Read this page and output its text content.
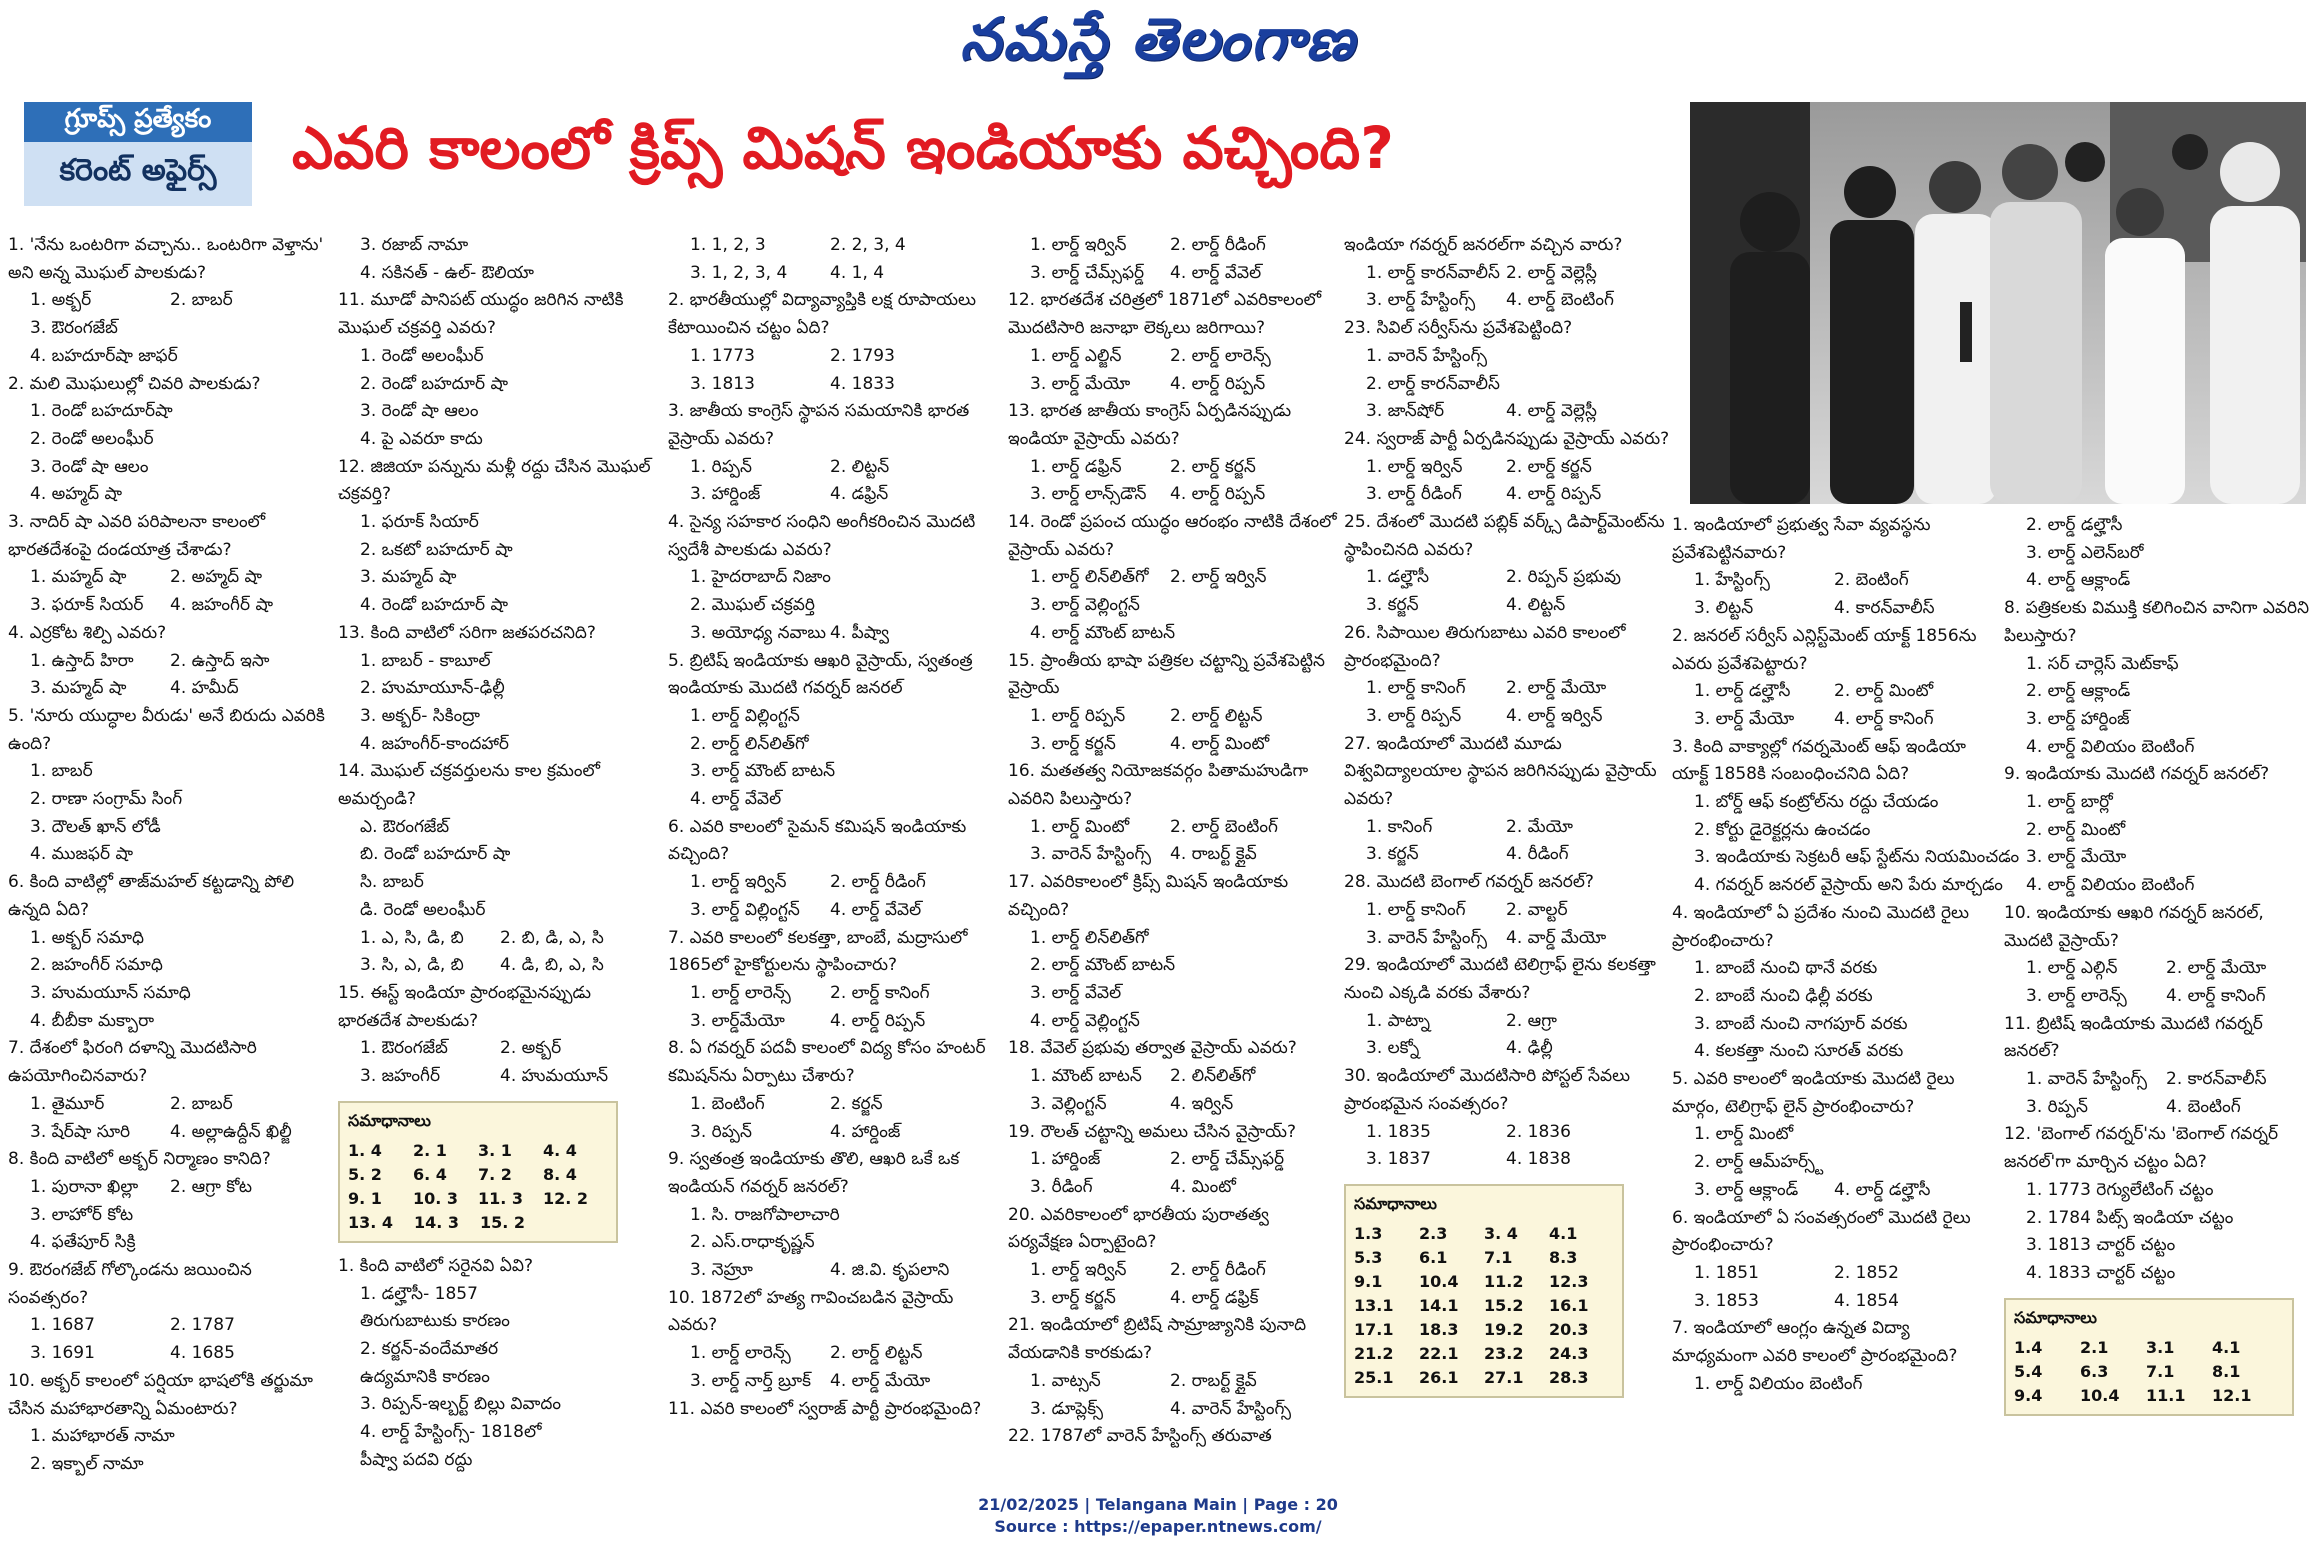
నమస్తే తెలంగాణ
గ్రూప్స్ ప్రత్యేకం
కరెంట్ అఫైర్స్	ఎవరి కాలంలో క్రిప్స్ మిషన్ ఇండియాకు వచ్చింది?
1. 'నేను ఒంటరిగా వచ్చాను.. ఒంటరిగా వెళ్తాను' అని అన్న మొఘల్ పాలకుడు?
1. అక్బర్	2. బాబర్
3. ఔరంగజేబ్
4. బహదూర్‌షా జాఫర్
2. మలి మొఘలుల్లో చివరి పాలకుడు?
1. రెండో బహదూర్‌షా
2. రెండో అలంఘీర్
3. రెండో షా ఆలం
4. అహ్మద్ షా
3. నాదిర్ షా ఎవరి పరిపాలనా కాలంలో భారతదేశంపై దండయాత్ర చేశాడు?
1. మహ్మద్ షా	2. అహ్మద్ షా
3. ఫరూక్ సియర్	4. జహంగీర్ షా
4. ఎర్రకోట శిల్పి ఎవరు?
1. ఉస్తాద్ హిరా	2. ఉస్తాద్ ఇసా
3. మహ్మద్ షా	4. హమీద్
5. 'నూరు యుద్ధాల వీరుడు' అనే బిరుదు ఎవరికి ఉంది?
1. బాబర్
2. రాణా సంగ్రామ్ సింగ్
3. దౌలత్ ఖాన్ లోడీ
4. ముజఫర్ షా
6. కింది వాటిల్లో తాజ్‌మహల్ కట్టడాన్ని పోలి ఉన్నది ఏది?
1. అక్బర్ సమాధి
2. జహంగీర్ సమాధి
3. హుమయూన్ సమాధి
4. బీబీకా మక్బారా
7. దేశంలో ఫిరంగి దళాన్ని మొదటిసారి ఉపయోగించినవారు?
1. తైమూర్	2. బాబర్
3. షేర్‌షా సూరి	4. అల్లాఉద్దీన్ ఖిల్జీ
8. కింది వాటిలో అక్బర్ నిర్మాణం కానిది?
1. పురానా ఖిల్లా	2. ఆగ్రా కోట
3. లాహోర్ కోట
4. ఫతేపూర్ సిక్రి
9. ఔరంగజేబ్ గోల్కొండను జయించిన సంవత్సరం?
1. 1687	2. 1787
3. 1691	4. 1685
10. అక్బర్ కాలంలో పర్షియా భాషలోకి తర్జుమా చేసిన మహాభారతాన్ని ఏమంటారు?
1. మహాభారత్ నామా
2. ఇక్బాల్ నామా
3. రజాబ్ నామా
4. సకినత్ - ఉల్- ఔలియా
11. మూడో పానిపట్ యుద్ధం జరిగిన నాటికి మొఘల్ చక్రవర్తి ఎవరు?
1. రెండో అలంఘీర్
2. రెండో బహదూర్ షా
3. రెండో షా ఆలం
4. పై ఎవరూ కాదు
12. జిజియా పన్నును మళ్లీ రద్దు చేసిన మొఘల్ చక్రవర్తి?
1. ఫరూక్ సియార్
2. ఒకటో బహదూర్ షా
3. మహ్మద్ షా
4. రెండో బహదూర్ షా
13. కింది వాటిలో సరిగా జతపరచనిది?
1. బాబర్ - కాబూల్
2. హుమాయూన్-ఢిల్లీ
3. అక్బర్- సికింద్రా
4. జహంగీర్-కాందహార్
14. మొఘల్ చక్రవర్తులను కాల క్రమంలో అమర్చండి?
ఎ. ఔరంగజేబ్
బి. రెండో బహదూర్ షా
సి. బాబర్
డి. రెండో అలంఘీర్
1. ఎ, సి, డి, బి	2. బి, డి, ఎ, సి
3. సి, ఎ, డి, బి	4. డి, బి, ఎ, సి
15. ఈస్ట్ ఇండియా ప్రారంభమైనప్పుడు భారతదేశ పాలకుడు?
1. ఔరంగజేబ్	2. అక్బర్
3. జహంగీర్	4. హుమయూన్
సమాధానాలు
1. 4	2. 1	3. 1	4. 4
5. 2	6. 4	7. 2	8. 4
9. 1	10. 3	11. 3	12. 2
13. 4	14. 3	15. 2
1. కింది వాటిలో సరైనవి ఏవి?
1. డల్హౌసీ- 1857
తిరుగుబాటుకు కారణం
2. కర్జన్-వందేమాతర
ఉద్యమానికి కారణం
3. రిప్పన్-ఇల్బర్ట్ బిల్లు వివాదం
4. లార్డ్ హేస్టింగ్స్- 1818లో
పీష్వా పదవి రద్దు
1. 1, 2, 3	2. 2, 3, 4
3. 1, 2, 3, 4	4. 1, 4
2. భారతీయుల్లో విద్యావ్యాప్తికి లక్ష రూపాయలు కేటాయించిన చట్టం ఏది?
1. 1773	2. 1793
3. 1813	4. 1833
3. జాతీయ కాంగ్రెస్ స్థాపన సమయానికి భారత వైస్రాయ్ ఎవరు?
1. రిప్పన్	2. లిట్టన్
3. హార్డింజ్	4. డఫ్రిన్
4. సైన్య సహకార సంధిని అంగీకరించిన మొదటి స్వదేశీ పాలకుడు ఎవరు?
1. హైదరాబాద్ నిజాం
2. మొఘల్ చక్రవర్తి
3. అయోధ్య నవాబు 4. పీష్వా
5. బ్రిటిష్ ఇండియాకు ఆఖరి వైస్రాయ్, స్వతంత్ర ఇండియాకు మొదటి గవర్నర్ జనరల్
1. లార్డ్ విల్లింగ్టన్
2. లార్డ్ లిన్‌లిత్‌గో
3. లార్డ్ మౌంట్ బాటన్
4. లార్డ్ వేవెల్
6. ఎవరి కాలంలో సైమన్ కమిషన్ ఇండియాకు వచ్చింది?
1. లార్డ్ ఇర్విన్	2. లార్డ్ రీడింగ్
3. లార్డ్ విల్లింగ్టన్	4. లార్డ్ వేవెల్
7. ఎవరి కాలంలో కలకత్తా, బాంబే, మద్రాసులో 1865లో హైకోర్టులను స్థాపించారు?
1. లార్డ్ లారెన్స్	2. లార్డ్ కానింగ్
3. లార్డ్‌మేయో	4. లార్డ్ రిప్పన్
8. ఏ గవర్నర్ పదవీ కాలంలో విద్య కోసం హంటర్ కమిషన్‌ను ఏర్పాటు చేశారు?
1. బెంటింగ్	2. కర్జన్
3. రిప్పన్	4. హార్డింజ్
9. స్వతంత్ర ఇండియాకు తొలి, ఆఖరి ఒకే ఒక ఇండియన్ గవర్నర్ జనరల్?
1. సి. రాజగోపాలాచారి
2. ఎస్.రాధాకృష్ణన్
3. నెహ్రూ	4. జి.వి. కృపలాని
10. 1872లో హత్య గావించబడిన వైస్రాయ్ ఎవరు?
1. లార్డ్ లారెన్స్	2. లార్డ్ లిట్టన్
3. లార్డ్ నార్త్ బ్రూక్	4. లార్డ్ మేయో
11. ఎవరి కాలంలో స్వరాజ్ పార్టీ ప్రారంభమైంది?
1. లార్డ్ ఇర్విన్	2. లార్డ్ రీడింగ్
3. లార్డ్ చేమ్స్‌ఫర్డ్	4. లార్డ్ వేవెల్
12. భారతదేశ చరిత్రలో 1871లో ఎవరికాలంలో మొదటిసారి జనాభా లెక్కలు జరిగాయి?
1. లార్డ్ ఎల్జిన్	2. లార్డ్ లారెన్స్
3. లార్డ్ మేయో	4. లార్డ్ రిప్పన్
13. భారత జాతీయ కాంగ్రెస్ ఏర్పడినప్పుడు ఇండియా వైస్రాయ్ ఎవరు?
1. లార్డ్ డఫ్రిన్	2. లార్డ్ కర్జన్
3. లార్డ్ లాన్స్‌డౌన్	4. లార్డ్ రిప్పన్
14. రెండో ప్రపంచ యుద్ధం ఆరంభం నాటికి దేశంలో వైస్రాయ్ ఎవరు?
1. లార్డ్ లిన్‌లిత్‌గో	2. లార్డ్ ఇర్విన్
3. లార్డ్ వెల్లింగ్టన్
4. లార్డ్ మౌంట్ బాటన్
15. ప్రాంతీయ భాషా పత్రికల చట్టాన్ని ప్రవేశపెట్టిన వైస్రాయ్
1. లార్డ్ రిప్పన్	2. లార్డ్ లిట్టన్
3. లార్డ్ కర్జన్	4. లార్డ్ మింటో
16. మతతత్వ నియోజకవర్గం పితామహుడిగా ఎవరిని పిలుస్తారు?
1. లార్డ్ మింటో	2. లార్డ్ బెంటింగ్
3. వారెన్ హేస్టింగ్స్	4. రాబర్ట్ క్లైవ్
17. ఎవరికాలంలో క్రిప్స్ మిషన్ ఇండియాకు వచ్చింది?
1. లార్డ్ లిన్‌లిత్‌గో
2. లార్డ్ మౌంట్ బాటన్
3. లార్డ్ వేవెల్
4. లార్డ్ వెల్లింగ్టన్
18. వేవెల్ ప్రభువు తర్వాత వైస్రాయ్ ఎవరు?
1. మౌంట్ బాటన్	2. లిన్‌లిత్‌గో
3. వెల్లింగ్టన్	4. ఇర్విన్
19. రౌలత్ చట్టాన్ని అమలు చేసిన వైస్రాయ్?
1. హార్డింజ్	2. లార్డ్ చేమ్స్‌ఫర్డ్
3. రీడింగ్	4. మింటో
20. ఎవరికాలంలో భారతీయ పురాతత్వ పర్యవేక్షణ ఏర్పాటైంది?
1. లార్డ్ ఇర్విన్	2. లార్డ్ రీడింగ్
3. లార్డ్ కర్జన్	4. లార్డ్ డఫ్రిక్
21. ఇండియాలో బ్రిటిష్ సామ్రాజ్యానికి పునాది వేయడానికి కారకుడు?
1. వాట్సన్	2. రాబర్ట్ క్లైవ్
3. డూప్లెక్స్	4. వారెన్ హేస్టింగ్స్
22. 1787లో వారెన్ హేస్టింగ్స్ తరువాత
ఇండియా గవర్నర్ జనరల్‌గా వచ్చిన వారు?
1. లార్డ్ కారన్‌వాలీస్ 2. లార్డ్ వెల్లెస్లీ
3. లార్డ్ హేస్టింగ్స్	4. లార్డ్ బెంటింగ్
23. సివిల్ సర్వీస్‌ను ప్రవేశపెట్టింది?
1. వారెన్ హేస్టింగ్స్
2. లార్డ్ కారన్‌వాలీస్
3. జాన్‌షోర్	4. లార్డ్ వెల్లెస్లీ
24. స్వరాజ్ పార్టీ ఏర్పడినప్పుడు వైస్రాయ్ ఎవరు?
1. లార్డ్ ఇర్విన్	2. లార్డ్ కర్జన్
3. లార్డ్ రీడింగ్	4. లార్డ్ రిప్పన్
25. దేశంలో మొదటి పబ్లిక్ వర్క్స్ డిపార్ట్‌మెంట్‌ను స్థాపించినది ఎవరు?
1. డల్హౌసీ	2. రిప్పన్ ప్రభువు
3. కర్జన్	4. లిట్టన్
26. సిపాయిల తిరుగుబాటు ఎవరి కాలంలో ప్రారంభమైంది?
1. లార్డ్ కానింగ్	2. లార్డ్ మేయో
3. లార్డ్ రిప్పన్	4. లార్డ్ ఇర్విన్
27. ఇండియాలో మొదటి మూడు విశ్వవిద్యాలయాల స్థాపన జరిగినప్పుడు వైస్రాయ్ ఎవరు?
1. కానింగ్	2. మేయో
3. కర్జన్	4. రీడింగ్
28. మొదటి బెంగాల్ గవర్నర్ జనరల్?
1. లార్డ్ కానింగ్	2. వాల్టర్
3. వారెన్ హేస్టింగ్స్	4. వార్డ్ మేయో
29. ఇండియాలో మొదటి టెలిగ్రాఫ్ లైను కలకత్తా నుంచి ఎక్కడి వరకు వేశారు?
1. పాట్నా	2. ఆగ్రా
3. లక్నో	4. ఢిల్లీ
30. ఇండియాలో మొదటిసారి పోస్టల్ సేవలు ప్రారంభమైన సంవత్సరం?
1. 1835	2. 1836
3. 1837	4. 1838
సమాధానాలు
1.3	2.3	3. 4	4.1
5.3	6.1	7.1	8.3
9.1	10.4	11.2	12.3
13.1	14.1	15.2	16.1
17.1	18.3	19.2	20.3
21.2	22.1	23.2	24.3
25.1	26.1	27.1	28.3
1. ఇండియాలో ప్రభుత్వ సేవా వ్యవస్థను ప్రవేశపెట్టినవారు?
1. హేస్టింగ్స్	2. బెంటింగ్
3. లిట్టన్	4. కారన్‌వాలీస్
2. జనరల్ సర్వీస్ ఎన్లిస్ట్‌మెంట్ యాక్ట్ 1856ను ఎవరు ప్రవేశపెట్టారు?
1. లార్డ్ డల్హౌసీ	2. లార్డ్ మింటో
3. లార్డ్ మేయో	4. లార్డ్ కానింగ్
3. కింది వాక్యాల్లో గవర్నమెంట్ ఆఫ్ ఇండియా యాక్ట్ 1858కి సంబంధించనిది ఏది?
1. బోర్డ్ ఆఫ్ కంట్రోల్‌ను రద్దు చేయడం
2. కోర్టు డైరెక్టర్లను ఉంచడం
3. ఇండియాకు సెక్రటరీ ఆఫ్ స్టేట్‌ను నియమించడం
4. గవర్నర్ జనరల్ వైస్రాయ్ అని పేరు మార్చడం
4. ఇండియాలో ఏ ప్రదేశం నుంచి మొదటి రైలు ప్రారంభించారు?
1. బాంబే నుంచి థానే వరకు
2. బాంబే నుంచి ఢిల్లీ వరకు
3. బాంబే నుంచి నాగపూర్ వరకు
4. కలకత్తా నుంచి సూరత్ వరకు
5. ఎవరి కాలంలో ఇండియాకు మొదటి రైలు మార్గం, టెలిగ్రాఫ్ లైన్ ప్రారంభించారు?
1. లార్డ్ మింటో
2. లార్డ్ ఆమ్‌హర్స్ట్
3. లార్డ్ ఆక్లాండ్	4. లార్డ్ డల్హౌసీ
6. ఇండియాలో ఏ సంవత్సరంలో మొదటి రైలు ప్రారంభించారు?
1. 1851	2. 1852
3. 1853	4. 1854
7. ఇండియాలో ఆంగ్లం ఉన్నత విద్యా మాధ్యమంగా ఎవరి కాలంలో ప్రారంభమైంది?
1. లార్డ్ విలియం బెంటింగ్
2. లార్డ్ డల్హౌసీ
3. లార్డ్ ఎలెన్‌బరో
4. లార్డ్ ఆక్లాండ్
8. పత్రికలకు విముక్తి కలిగించిన వానిగా ఎవరిని పిలుస్తారు?
1. సర్ చార్లెస్ మెట్‌కాఫ్
2. లార్డ్ ఆక్లాండ్
3. లార్డ్ హార్డింజ్
4. లార్డ్ విలియం బెంటింగ్
9. ఇండియాకు మొదటి గవర్నర్ జనరల్?
1. లార్డ్ బార్లో
2. లార్డ్ మింటో
3. లార్డ్ మేయో
4. లార్డ్ విలియం బెంటింగ్
10. ఇండియాకు ఆఖరి గవర్నర్ జనరల్, మొదటి వైస్రాయ్?
1. లార్డ్ ఎల్గిన్	2. లార్డ్ మేయో
3. లార్డ్ లారెన్స్	4. లార్డ్ కానింగ్
11. బ్రిటిష్ ఇండియాకు మొదటి గవర్నర్ జనరల్?
1. వారెన్ హేస్టింగ్స్	2. కారన్‌వాలీస్
3. రిప్పన్	4. బెంటింగ్
12. 'బెంగాల్ గవర్నర్'ను 'బెంగాల్ గవర్నర్ జనరల్'గా మార్చిన చట్టం ఏది?
1. 1773 రెగ్యులేటింగ్ చట్టం
2. 1784 పిట్స్ ఇండియా చట్టం
3. 1813 చార్టర్ చట్టం
4. 1833 చార్టర్ చట్టం
సమాధానాలు
1.4	2.1	3.1	4.1
5.4	6.3	7.1	8.1
9.4	10.4	11.1	12.1
21/02/2025 | Telangana Main | Page : 20
Source : https://epaper.ntnews.com/
